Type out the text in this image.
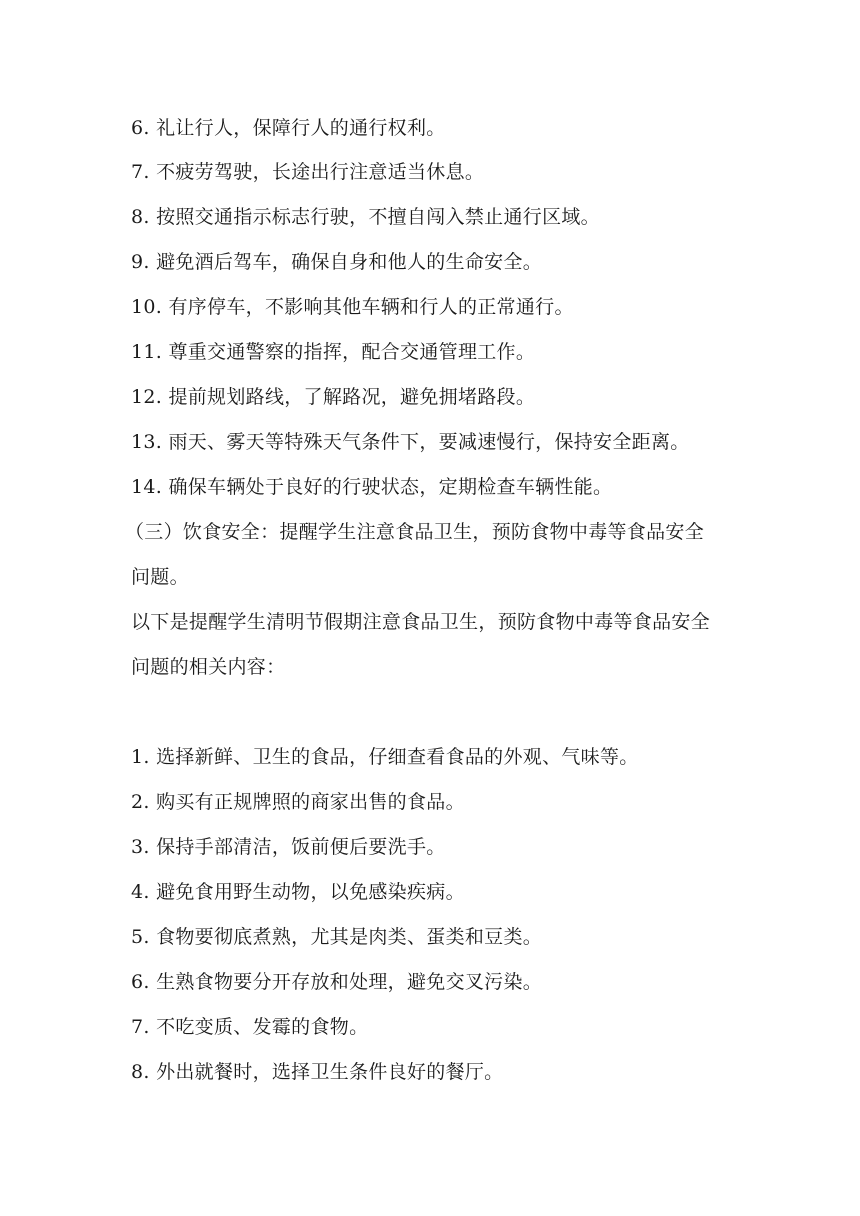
6. 礼让行人，保障行人的通行权利。
7. 不疲劳驾驶，长途出行注意适当休息。
8. 按照交通指示标志行驶，不擅自闯入禁止通行区域。
9. 避免酒后驾车，确保自身和他人的生命安全。
10. 有序停车，不影响其他车辆和行人的正常通行。
11. 尊重交通警察的指挥，配合交通管理工作。
12. 提前规划路线，了解路况，避免拥堵路段。
13. 雨天、雾天等特殊天气条件下，要减速慢行，保持安全距离。
14. 确保车辆处于良好的行驶状态，定期检查车辆性能。
（三）饮食安全：提醒学生注意食品卫生，预防食物中毒等食品安全
问题。
以下是提醒学生清明节假期注意食品卫生，预防食物中毒等食品安全
问题的相关内容：
1. 选择新鲜、卫生的食品，仔细查看食品的外观、气味等。
2. 购买有正规牌照的商家出售的食品。
3. 保持手部清洁，饭前便后要洗手。
4. 避免食用野生动物，以免感染疾病。
5. 食物要彻底煮熟，尤其是肉类、蛋类和豆类。
6. 生熟食物要分开存放和处理，避免交叉污染。
7. 不吃变质、发霉的食物。
8. 外出就餐时，选择卫生条件良好的餐厅。
